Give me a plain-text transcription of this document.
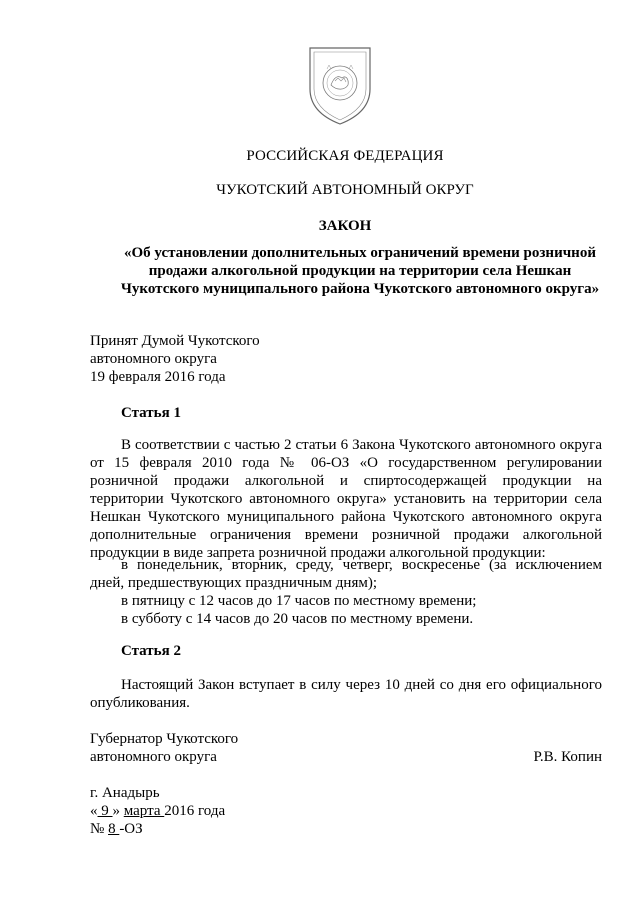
РОССИЙСКАЯ ФЕДЕРАЦИЯ
ЧУКОТСКИЙ АВТОНОМНЫЙ ОКРУГ
ЗАКОН
«Об установлении дополнительных ограничений времени розничной продажи алкогольной продукции на территории села Нешкан Чукотского муниципального района Чукотского автономного округа»
Принят Думой Чукотского
автономного округа
19 февраля 2016 года
Статья 1
В соответствии с частью 2 статьи 6 Закона Чукотского автономного округа от 15 февраля 2010 года № 06-ОЗ «О государственном регулировании розничной продажи алкогольной и спиртосодержащей продукции на территории Чукотского автономного округа» установить на территории села Нешкан Чукотского муниципального района Чукотского автономного округа дополнительные ограничения времени розничной продажи алкогольной продукции в виде запрета розничной продажи алкогольной продукции:
в понедельник, вторник, среду, четверг, воскресенье (за исключением дней, предшествующих праздничным дням);
в пятницу с 12 часов до 17 часов по местному времени;
в субботу с 14 часов до 20 часов по местному времени.
Статья 2
Настоящий Закон вступает в силу через 10 дней со дня его официального опубликования.
Губернатор Чукотского
автономного округа	Р.В. Копин
г. Анадырь
« 9 » марта 2016 года
№ 8 -ОЗ
